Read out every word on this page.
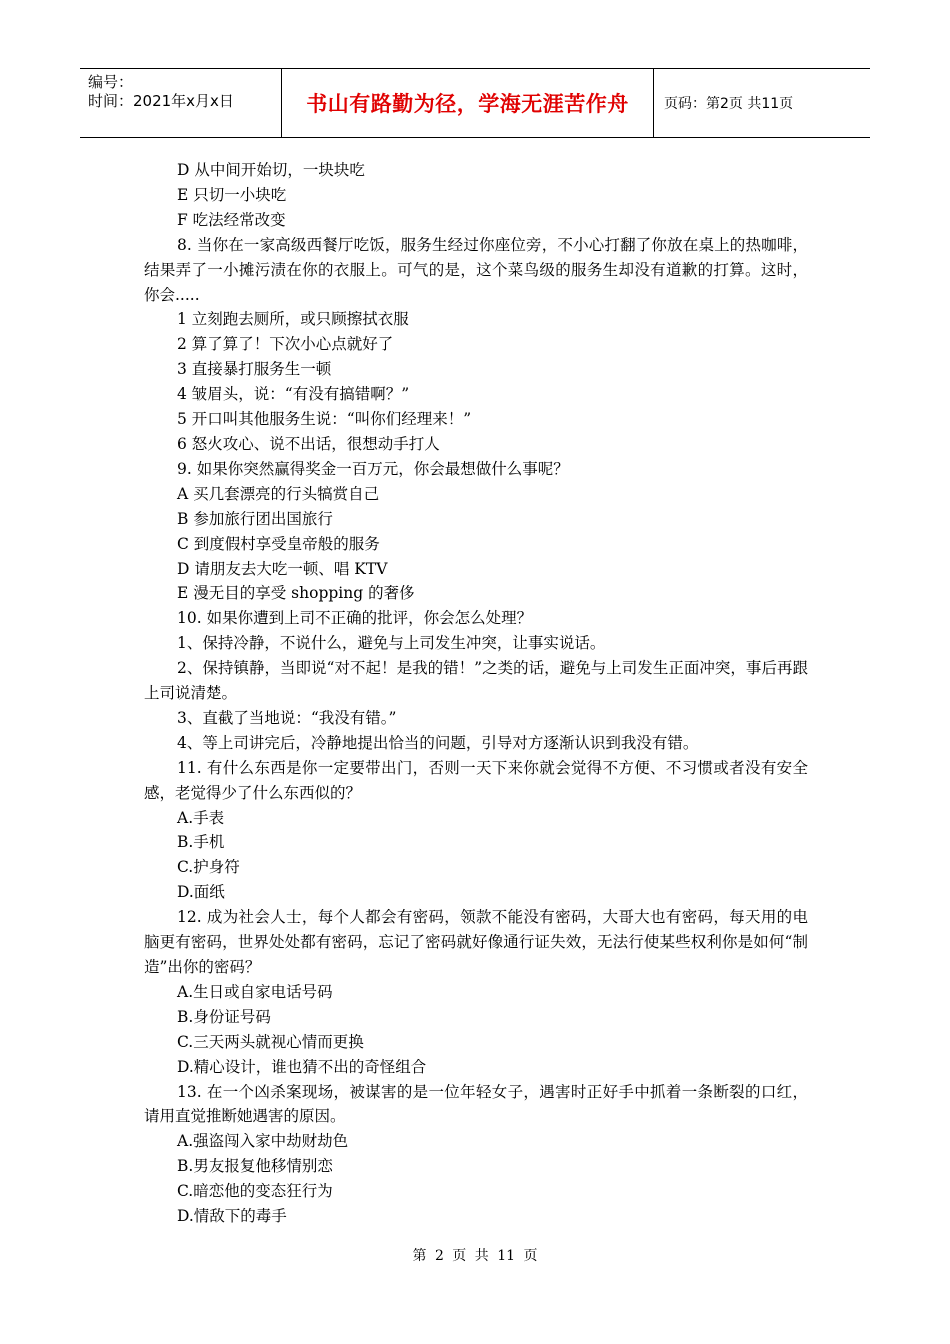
编号：
时间：2021年x月x日	书山有路勤为径，学海无涯苦作舟	页码：第2页 共11页
D 从中间开始切，一块块吃
E 只切一小块吃
F 吃法经常改变
8. 当你在一家高级西餐厅吃饭，服务生经过你座位旁，不小心打翻了你放在桌上的热咖啡，结果弄了一小摊污渍在你的衣服上。可气的是，这个菜鸟级的服务生却没有道歉的打算。这时，你会.....
1 立刻跑去厕所，或只顾擦拭衣服
2 算了算了！下次小心点就好了
3 直接暴打服务生一顿
4 皱眉头，说：“有没有搞错啊？”
5 开口叫其他服务生说：“叫你们经理来！”
6 怒火攻心、说不出话，很想动手打人
9. 如果你突然赢得奖金一百万元，你会最想做什么事呢？
A 买几套漂亮的行头犒赏自己
B 参加旅行团出国旅行
C 到度假村享受皇帝般的服务
D 请朋友去大吃一顿、唱 KTV
E 漫无目的享受 shopping 的奢侈
10. 如果你遭到上司不正确的批评，你会怎么处理？
1、保持冷静，不说什么，避免与上司发生冲突，让事实说话。
2、保持镇静，当即说“对不起！是我的错！”之类的话，避免与上司发生正面冲突，事后再跟上司说清楚。
3、直截了当地说：“我没有错。”
4、等上司讲完后，冷静地提出恰当的问题，引导对方逐渐认识到我没有错。
11. 有什么东西是你一定要带出门，否则一天下来你就会觉得不方便、不习惯或者没有安全感，老觉得少了什么东西似的？
A.手表
B.手机
C.护身符
D.面纸
12. 成为社会人士，每个人都会有密码，领款不能没有密码，大哥大也有密码，每天用的电脑更有密码，世界处处都有密码，忘记了密码就好像通行证失效，无法行使某些权利你是如何“制造”出你的密码？
A.生日或自家电话号码
B.身份证号码
C.三天两头就视心情而更换
D.精心设计，谁也猜不出的奇怪组合
13. 在一个凶杀案现场，被谋害的是一位年轻女子，遇害时正好手中抓着一条断裂的口红，请用直觉推断她遇害的原因。
A.强盗闯入家中劫财劫色
B.男友报复他移情别恋
C.暗恋他的变态狂行为
D.情敌下的毒手
第 2 页 共 11 页
